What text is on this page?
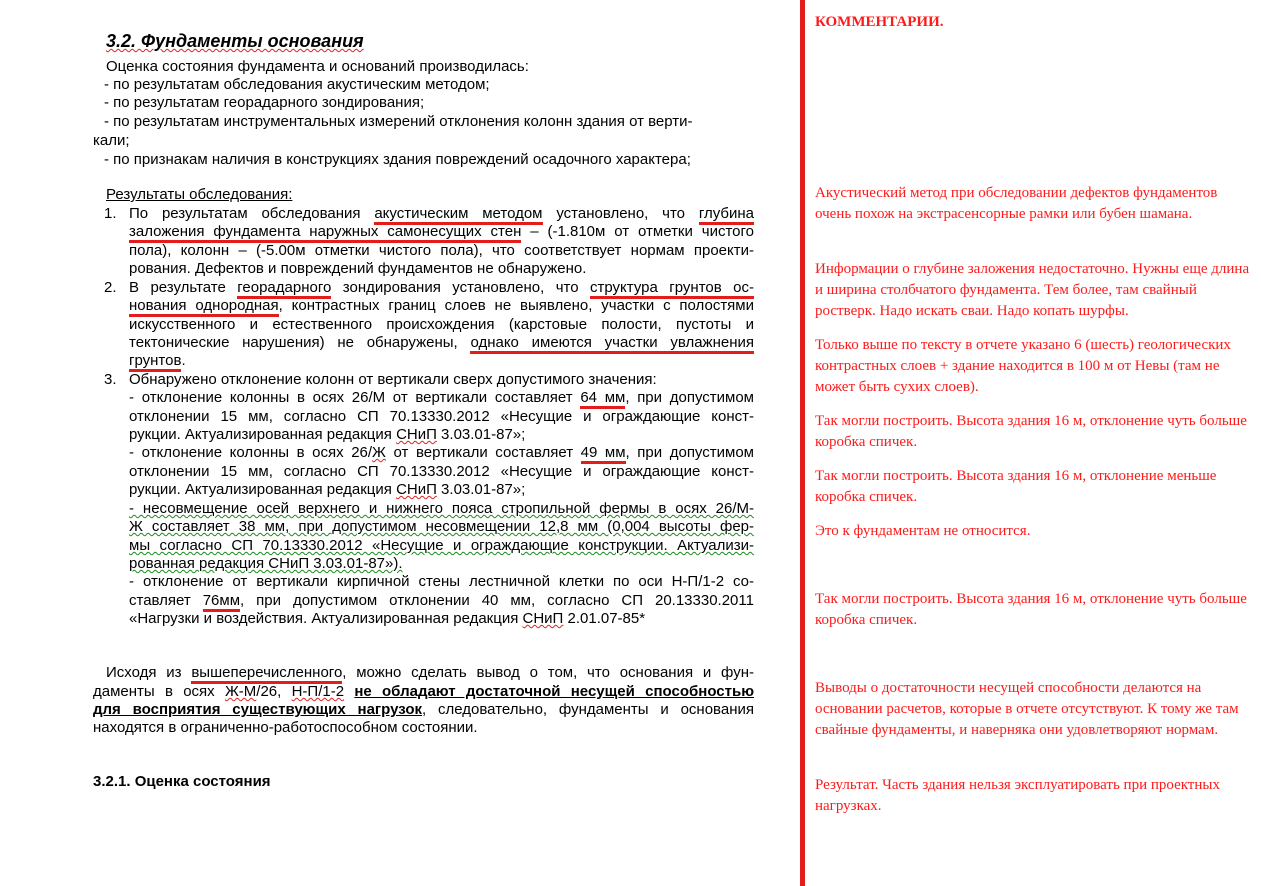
3.2. Фундаменты основания
Оценка состояния фундамента и оснований производилась:
- по результатам обследования акустическим методом;
- по результатам георадарного зондирования;
- по результатам инструментальных измерений отклонения колонн здания от верти-
кали;
- по признакам наличия в конструкциях здания повреждений осадочного характера;
Результаты обследования:
1. По результатам обследования акустическим методом установлено, что глубина
заложения фундамента наружных самонесущих стен – (-1.810м от отметки чистого
пола), колонн – (-5.00м отметки чистого пола), что соответствует нормам проекти-
рования. Дефектов и повреждений фундаментов не обнаружено.
2. В результате георадарного зондирования установлено, что структура грунтов ос-
нования однородная, контрастных границ слоев не выявлено, участки с полостями
искусственного и естественного происхождения (карстовые полости, пустоты и
тектонические нарушения) не обнаружены, однако имеются участки увлажнения
грунтов.
3. Обнаружено отклонение колонн от вертикали сверх допустимого значения:
- отклонение колонны в осях 26/М от вертикали составляет 64 мм, при допустимом
отклонении 15 мм, согласно СП 70.13330.2012 «Несущие и ограждающие конст-
рукции. Актуализированная редакция СНиП 3.03.01-87»;
- отклонение колонны в осях 26/Ж от вертикали составляет 49 мм, при допустимом
отклонении 15 мм, согласно СП 70.13330.2012 «Несущие и ограждающие конст-
рукции. Актуализированная редакция СНиП 3.03.01-87»;
- несовмещение осей верхнего и нижнего пояса стропильной фермы в осях 26/М-
Ж составляет 38 мм, при допустимом несовмещении 12,8 мм (0,004 высоты фер-
мы согласно СП 70.13330.2012 «Несущие и ограждающие конструкции. Актуализи-
рованная редакция СНиП 3.03.01-87»).
- отклонение от вертикали кирпичной стены лестничной клетки по оси Н-П/1-2 со-
ставляет 76мм, при допустимом отклонении 40 мм, согласно СП 20.13330.2011
«Нагрузки и воздействия. Актуализированная редакция СНиП 2.01.07-85*
Исходя из вышеперечисленного, можно сделать вывод о том, что основания и фун-
даменты в осях Ж-М/26, Н-П/1-2 не обладают достаточной несущей способностью
для восприятия существующих нагрузок, следовательно, фундаменты и основания
находятся в ограниченно-работоспособном состоянии.
3.2.1. Оценка состояния
КОММЕНТАРИИ.
Акустический метод при обследовании дефектов фундаментов очень похож на экстрасенсорные рамки или бубен шамана.
Информации о глубине заложения недостаточно. Нужны еще длина и ширина столбчатого фундамента. Тем более, там свайный ростверк. Надо искать сваи. Надо копать шурфы.
Только выше по тексту в отчете указано 6 (шесть) геологических контрастных слоев + здание находится в 100 м от Невы (там не может быть сухих слоев).
Так могли построить. Высота здания 16 м, отклонение чуть больше коробка спичек.
Так могли построить. Высота здания 16 м, отклонение меньше коробка спичек.
Это к фундаментам не относится.
Так могли построить. Высота здания 16 м, отклонение чуть больше коробка спичек.
Выводы о достаточности несущей способности делаются на основании расчетов, которые в отчете отсутствуют. К тому же там свайные фундаменты, и наверняка они удовлетворяют нормам.
Результат. Часть здания нельзя эксплуатировать при проектных нагрузках.
